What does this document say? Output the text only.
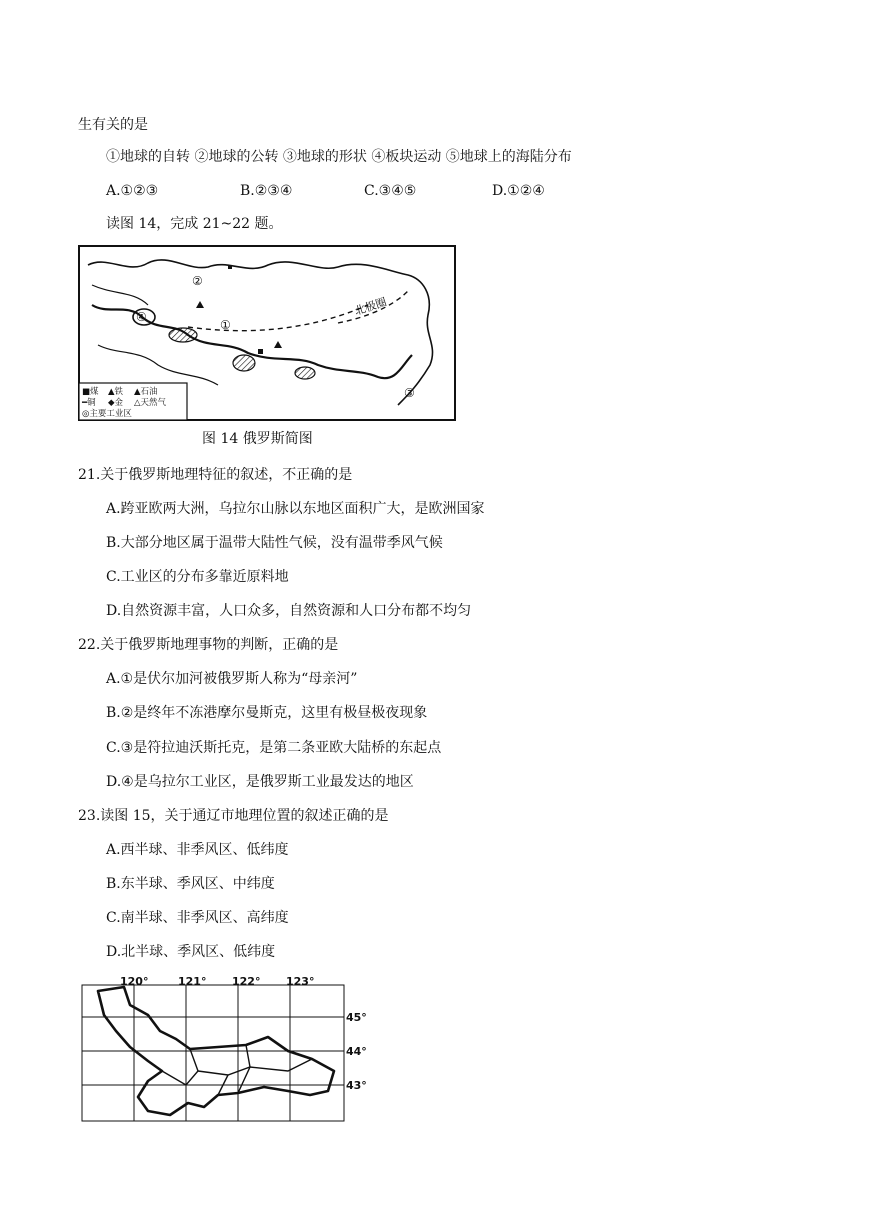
生有关的是
①地球的自转 ②地球的公转 ③地球的形状 ④板块运动 ⑤地球上的海陆分布
A.①②③	B.②③④	C.③④⑤	D.①②④
读图 14，完成 21~22 题。
①
②
③
④	北极圈
■煤 ▲铁 ▲石油
━铜 ◆金 △天然气
◎主要工业区
图 14 俄罗斯简图
21.关于俄罗斯地理特征的叙述，不正确的是
A.跨亚欧两大洲，乌拉尔山脉以东地区面积广大，是欧洲国家
B.大部分地区属于温带大陆性气候，没有温带季风气候
C.工业区的分布多靠近原料地
D.自然资源丰富，人口众多，自然资源和人口分布都不均匀
22.关于俄罗斯地理事物的判断，正确的是
A.①是伏尔加河被俄罗斯人称为“母亲河”
B.②是终年不冻港摩尔曼斯克，这里有极昼极夜现象
C.③是符拉迪沃斯托克，是第二条亚欧大陆桥的东起点
D.④是乌拉尔工业区，是俄罗斯工业最发达的地区
23.读图 15，关于通辽市地理位置的叙述正确的是
A.西半球、非季风区、低纬度
B.东半球、季风区、中纬度
C.南半球、非季风区、高纬度
D.北半球、季风区、低纬度
120°	121° 122° 123°
45°
44°
43°
